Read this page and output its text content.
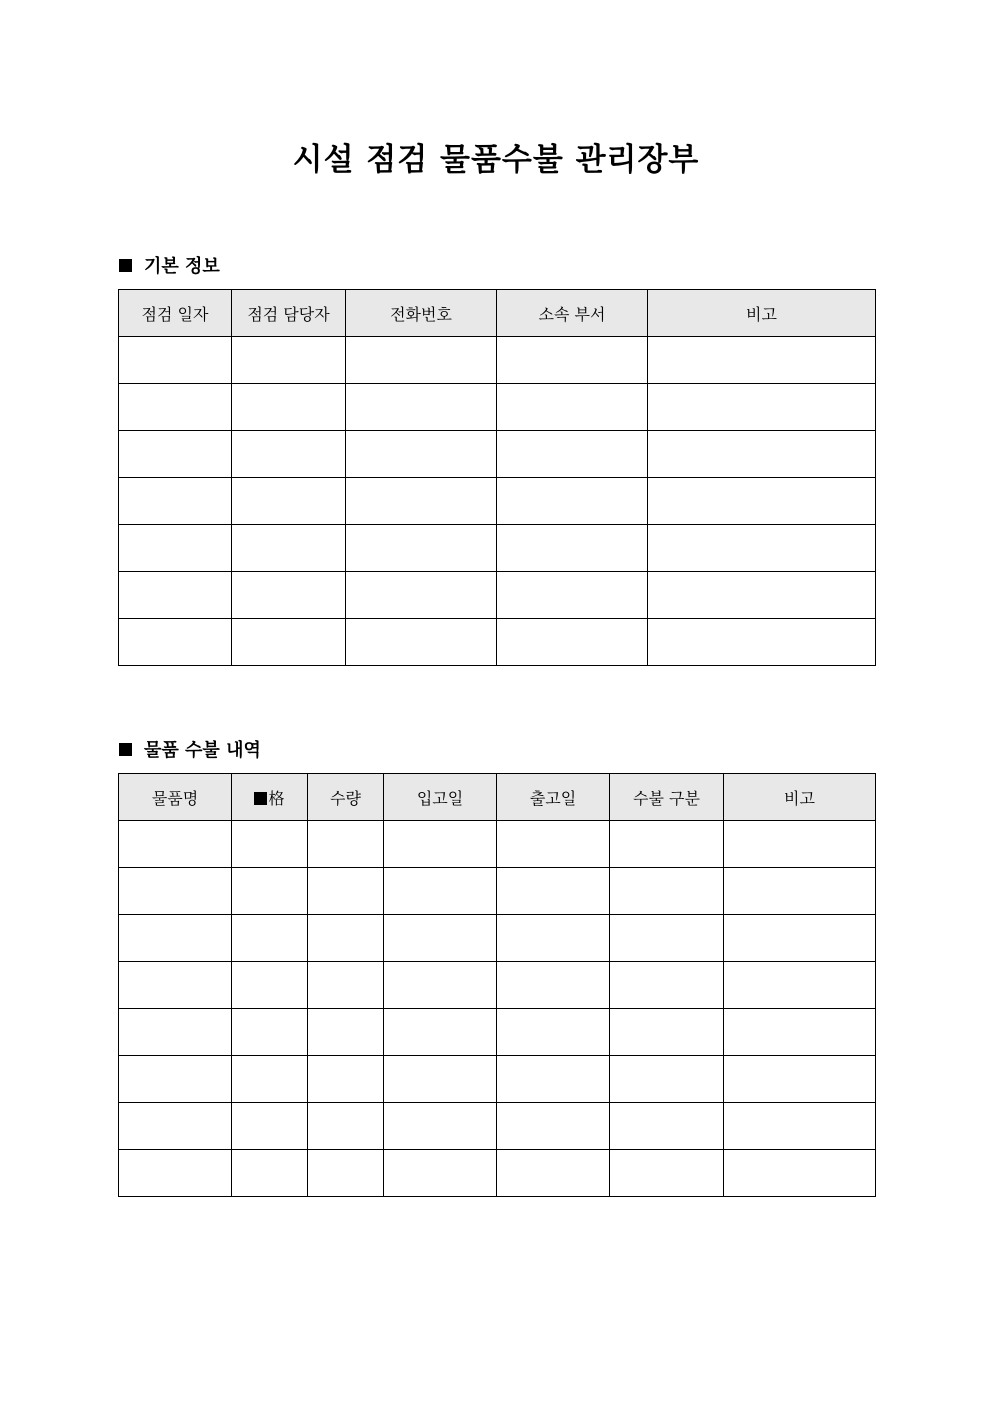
시설 점검 물품수불 관리장부
기본 정보
점검 일자	점검 담당자	전화번호	소속 부서	비고

물품 수불 내역
물품명	格	수량	입고일	출고일	수불 구분	비고
